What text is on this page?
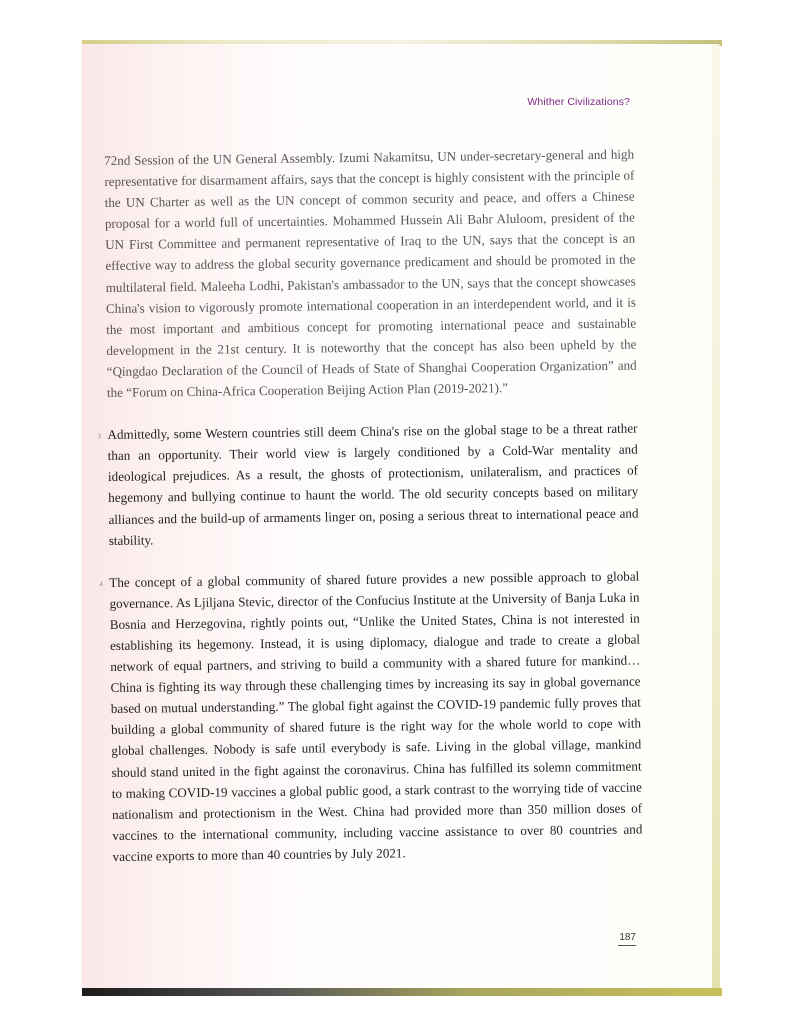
Whither Civilizations?

72nd Session of the UN General Assembly. Izumi Nakamitsu, UN under-secretary-general and high representative for disarmament affairs, says that the concept is highly consistent with the principle of the UN Charter as well as the UN concept of common security and peace, and offers a Chinese proposal for a world full of uncertainties. Mohammed Hussein Ali Bahr Aluloom, president of the UN First Committee and permanent representative of Iraq to the UN, says that the concept is an effective way to address the global security governance predicament and should be promoted in the multilateral field. Maleeha Lodhi, Pakistan's ambassador to the UN, says that the concept showcases China's vision to vigorously promote international cooperation in an interdependent world, and it is the most important and ambitious concept for promoting international peace and sustainable development in the 21st century. It is noteworthy that the concept has also been upheld by the “Qingdao Declaration of the Council of Heads of State of Shanghai Cooperation Organization” and the “Forum on China-Africa Cooperation Beijing Action Plan (2019-2021).”

3 Admittedly, some Western countries still deem China's rise on the global stage to be a threat rather than an opportunity. Their world view is largely conditioned by a Cold-War mentality and ideological prejudices. As a result, the ghosts of protectionism, unilateralism, and practices of hegemony and bullying continue to haunt the world. The old security concepts based on military alliances and the build-up of armaments linger on, posing a serious threat to international peace and stability.

4 The concept of a global community of shared future provides a new possible approach to global governance. As Ljiljana Stevic, director of the Confucius Institute at the University of Banja Luka in Bosnia and Herzegovina, rightly points out, “Unlike the United States, China is not interested in establishing its hegemony. Instead, it is using diplomacy, dialogue and trade to create a global network of equal partners, and striving to build a community with a shared future for mankind…China is fighting its way through these challenging times by increasing its say in global governance based on mutual understanding.” The global fight against the COVID-19 pandemic fully proves that building a global community of shared future is the right way for the whole world to cope with global challenges. Nobody is safe until everybody is safe. Living in the global village, mankind should stand united in the fight against the coronavirus. China has fulfilled its solemn commitment to making COVID-19 vaccines a global public good, a stark contrast to the worrying tide of vaccine nationalism and protectionism in the West. China had provided more than 350 million doses of vaccines to the international community, including vaccine assistance to over 80 countries and vaccine exports to more than 40 countries by July 2021.

187
